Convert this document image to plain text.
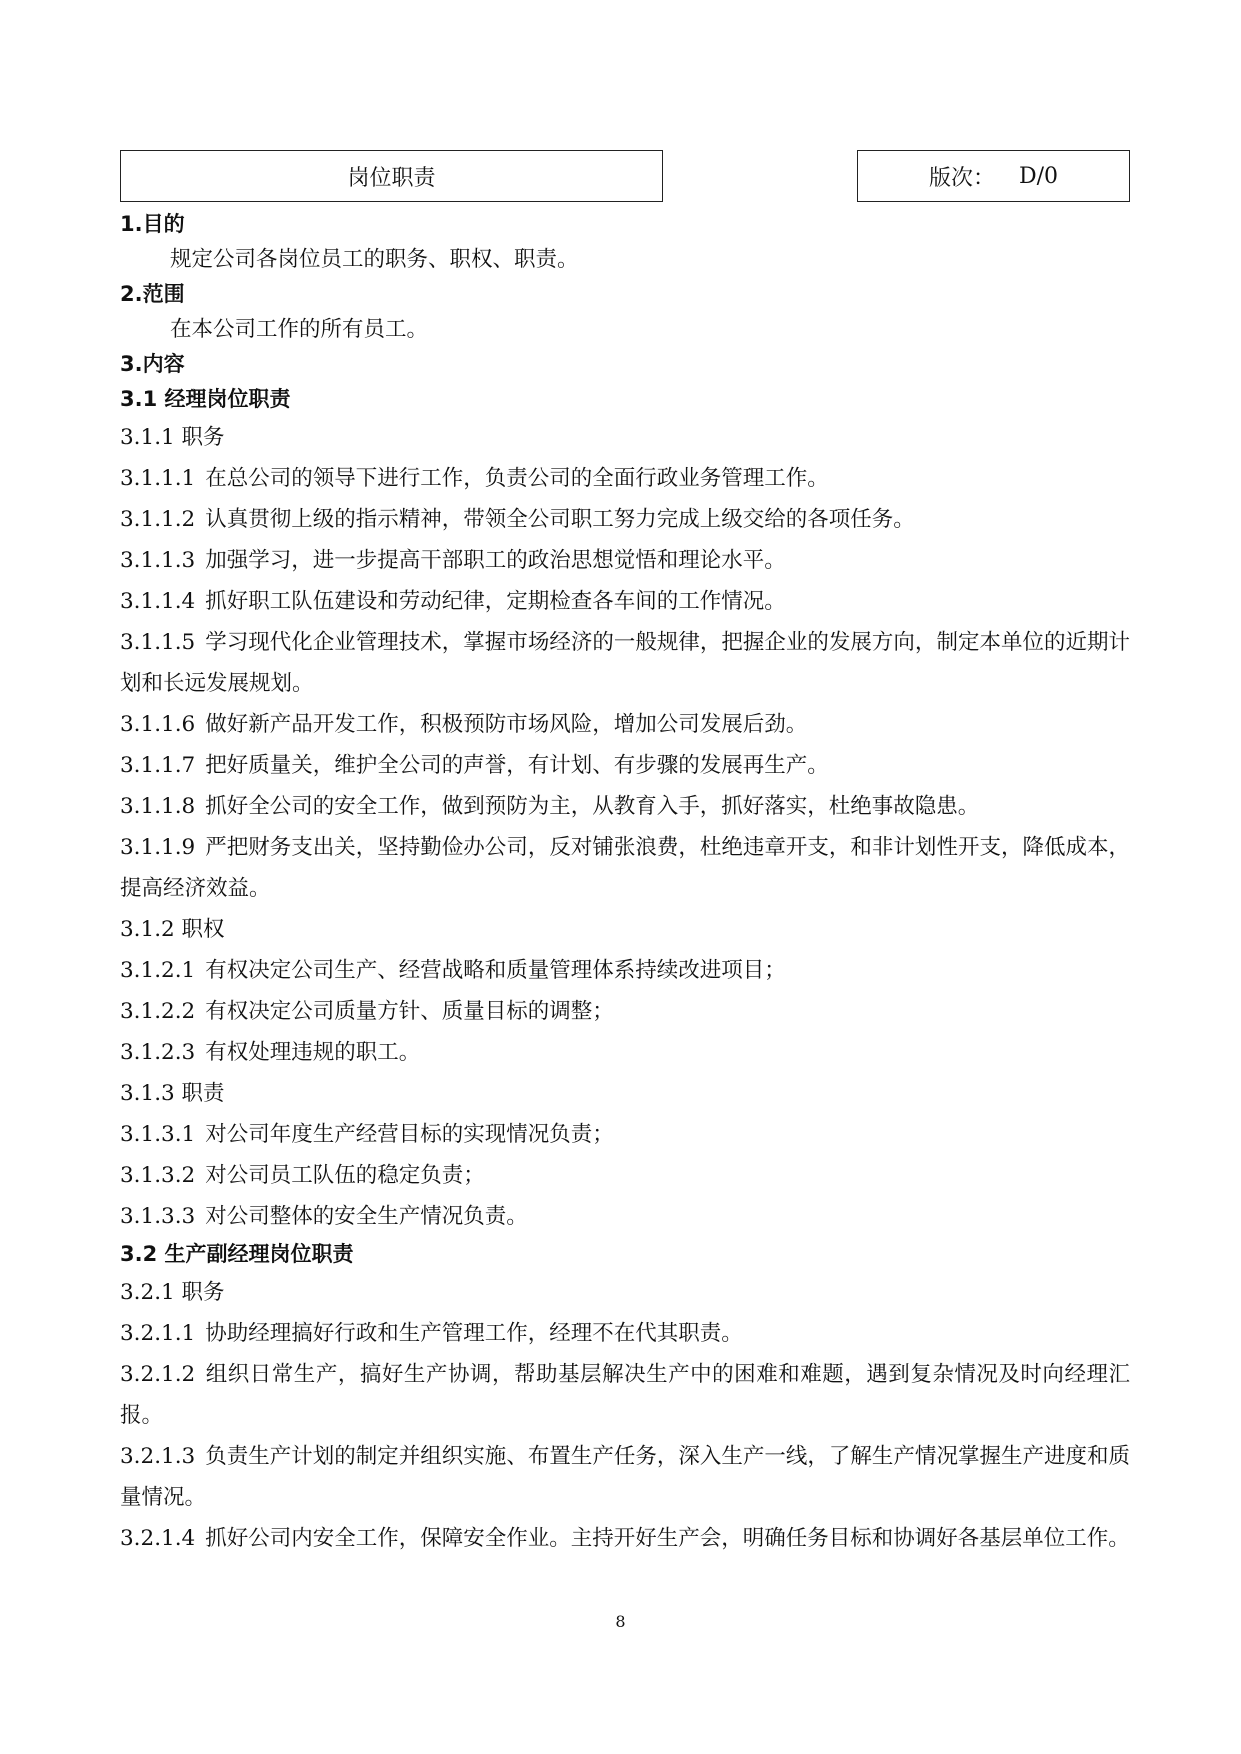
岗位职责	版次： D/0

1.目的

规定公司各岗位员工的职务、职权、职责。

2.范围

在本公司工作的所有员工。

3.内容

3.1 经理岗位职责

3.1.1 职务

3.1.1.1 在总公司的领导下进行工作，负责公司的全面行政业务管理工作。

3.1.1.2 认真贯彻上级的指示精神，带领全公司职工努力完成上级交给的各项任务。

3.1.1.3 加强学习，进一步提高干部职工的政治思想觉悟和理论水平。

3.1.1.4 抓好职工队伍建设和劳动纪律，定期检查各车间的工作情况。

3.1.1.5 学习现代化企业管理技术，掌握市场经济的一般规律，把握企业的发展方向，制定本单位的近期计划和长远发展规划。

3.1.1.6 做好新产品开发工作，积极预防市场风险，增加公司发展后劲。

3.1.1.7 把好质量关，维护全公司的声誉，有计划、有步骤的发展再生产。

3.1.1.8 抓好全公司的安全工作，做到预防为主，从教育入手，抓好落实，杜绝事故隐患。

3.1.1.9 严把财务支出关，坚持勤俭办公司，反对铺张浪费，杜绝违章开支，和非计划性开支，降低成本，提高经济效益。

3.1.2 职权

3.1.2.1 有权决定公司生产、经营战略和质量管理体系持续改进项目；

3.1.2.2 有权决定公司质量方针、质量目标的调整；

3.1.2.3 有权处理违规的职工。

3.1.3 职责

3.1.3.1 对公司年度生产经营目标的实现情况负责；

3.1.3.2 对公司员工队伍的稳定负责；

3.1.3.3 对公司整体的安全生产情况负责。

3.2 生产副经理岗位职责

3.2.1 职务

3.2.1.1 协助经理搞好行政和生产管理工作，经理不在代其职责。

3.2.1.2 组织日常生产，搞好生产协调，帮助基层解决生产中的困难和难题，遇到复杂情况及时向经理汇报。

3.2.1.3 负责生产计划的制定并组织实施、布置生产任务，深入生产一线，了解生产情况掌握生产进度和质量情况。

3.2.1.4 抓好公司内安全工作，保障安全作业。主持开好生产会，明确任务目标和协调好各基层单位工作。

8
